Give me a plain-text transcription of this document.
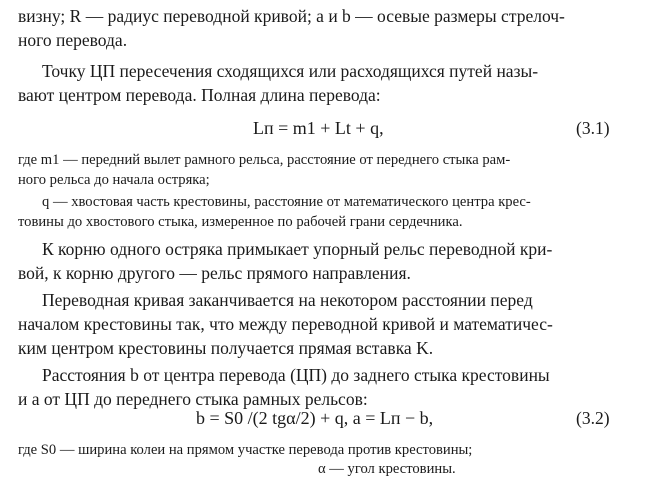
визну; R — радиус переводной кривой; a и b — осевые размеры стрелоч-
ного перевода.
Точку ЦП пересечения сходящихся или расходящихся путей назы-
вают центром перевода. Полная длина перевода:
Lп = m1 + Lt + q,	(3.1)
где m1 — передний вылет рамного рельса, расстояние от переднего стыка рам-
ного рельса до начала остряка;
q — хвостовая часть крестовины, расстояние от математического центра крес-
товины до хвостового стыка, измеренное по рабочей грани сердечника.
К корню одного остряка примыкает упорный рельс переводной кри-
вой, к корню другого — рельс прямого направления.
Переводная кривая заканчивается на некотором расстоянии перед
началом крестовины так, что между переводной кривой и математичес-
ким центром крестовины получается прямая вставка K.
Расстояния b от центра перевода (ЦП) до заднего стыка крестовины
и a от ЦП до переднего стыка рамных рельсов:
b = S0 /(2 tgα/2) + q, a = Lп − b,	(3.2)
где S0 — ширина колеи на прямом участке перевода против крестовины;
α — угол крестовины.
